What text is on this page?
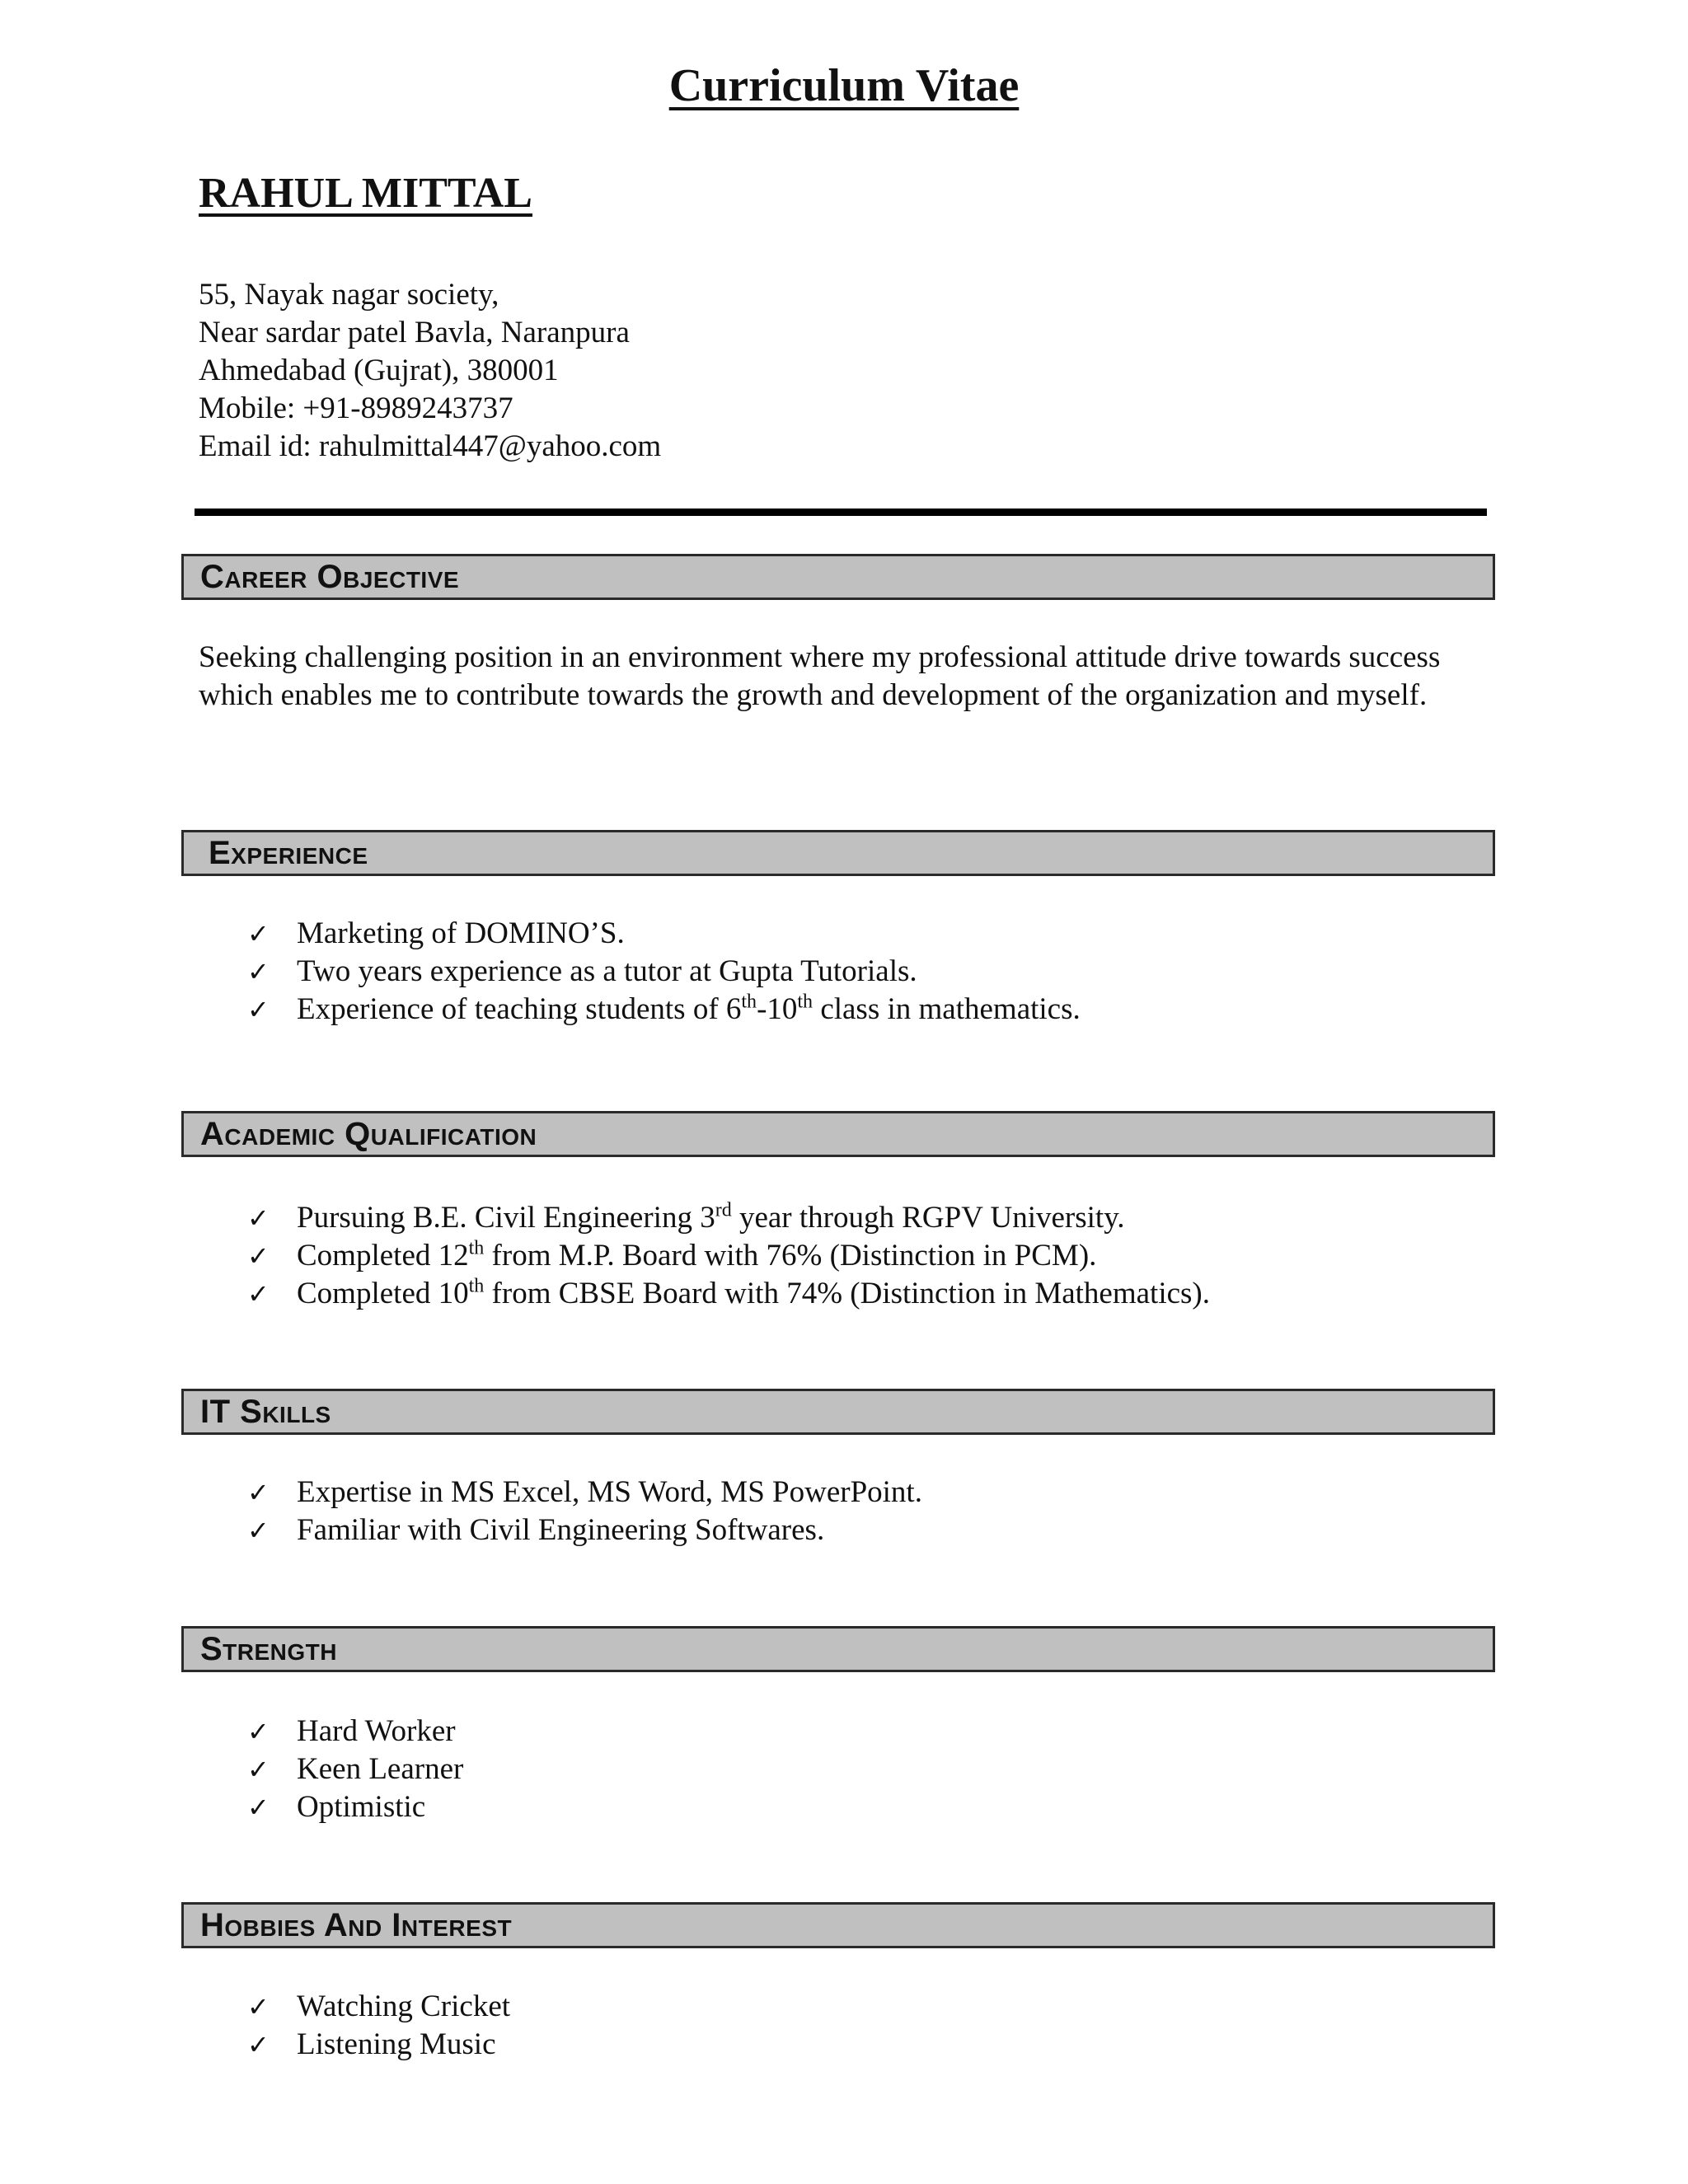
Curriculum Vitae
RAHUL MITTAL
55, Nayak nagar society,
Near sardar patel Bavla, Naranpura
Ahmedabad (Gujrat), 380001
Mobile: +91-8989243737
Email id: rahulmittal447@yahoo.com
Career Objective
Seeking challenging position in an environment where my professional attitude drive towards success which enables me to contribute towards the growth and development of the organization and myself.
Experience
✓ Marketing of DOMINO’S.
✓ Two years experience as a tutor at Gupta Tutorials.
✓ Experience of teaching students of 6th-10th class in mathematics.
Academic Qualification
✓ Pursuing B.E. Civil Engineering 3rd year through RGPV University.
✓ Completed 12th from M.P. Board with 76% (Distinction in PCM).
✓ Completed 10th from CBSE Board with 74% (Distinction in Mathematics).
IT Skills
✓ Expertise in MS Excel, MS Word, MS PowerPoint.
✓ Familiar with Civil Engineering Softwares.
Strength
✓ Hard Worker
✓ Keen Learner
✓ Optimistic
Hobbies And Interest
✓ Watching Cricket
✓ Listening Music
